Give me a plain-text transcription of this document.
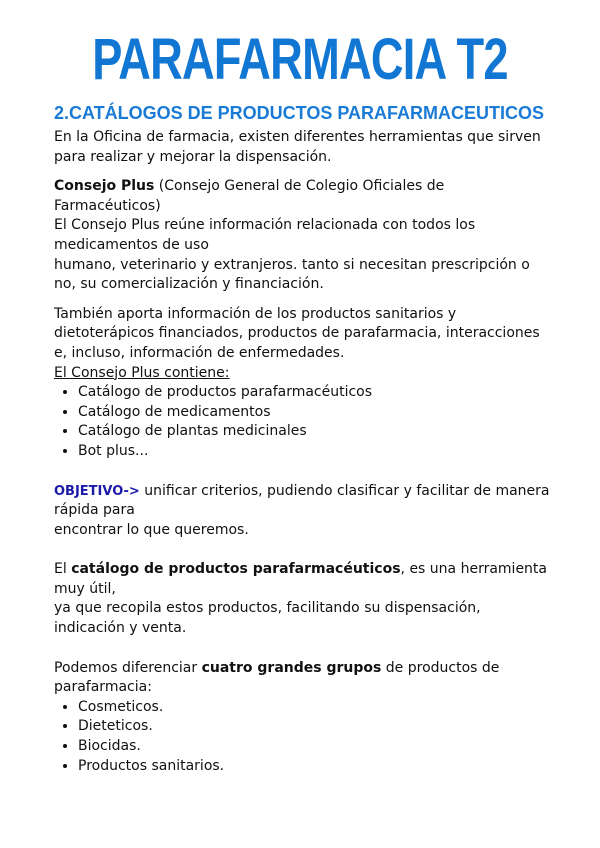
PARAFARMACIA T2
2.CATÁLOGOS DE PRODUCTOS PARAFARMACEUTICOS

En la Oficina de farmacia, existen diferentes herramientas que sirven para realizar y mejorar la dispensación.

Consejo Plus (Consejo General de Colegio Oficiales de Farmacéuticos)

El Consejo Plus reúne información relacionada con todos los medicamentos de uso

humano, veterinario y extranjeros. tanto si necesitan prescripción o no, su comercialización y financiación.

También aporta información de los productos sanitarios y dietoterápicos financiados, productos de parafarmacia, interacciones e, incluso, información de enfermedades.

El Consejo Plus contiene:

• Catálogo de productos parafarmacéuticos
• Catálogo de medicamentos
• Catálogo de plantas medicinales
• Bot plus...

OBJETIVO-> unificar criterios, pudiendo clasificar y facilitar de manera rápida para

encontrar lo que queremos.

El catálogo de productos parafarmacéuticos, es una herramienta muy útil,

ya que recopila estos productos, facilitando su dispensación, indicación y venta.

Podemos diferenciar cuatro grandes grupos de productos de parafarmacia:

• Cosmeticos.
• Dieteticos.
• Biocidas.
• Productos sanitarios.
